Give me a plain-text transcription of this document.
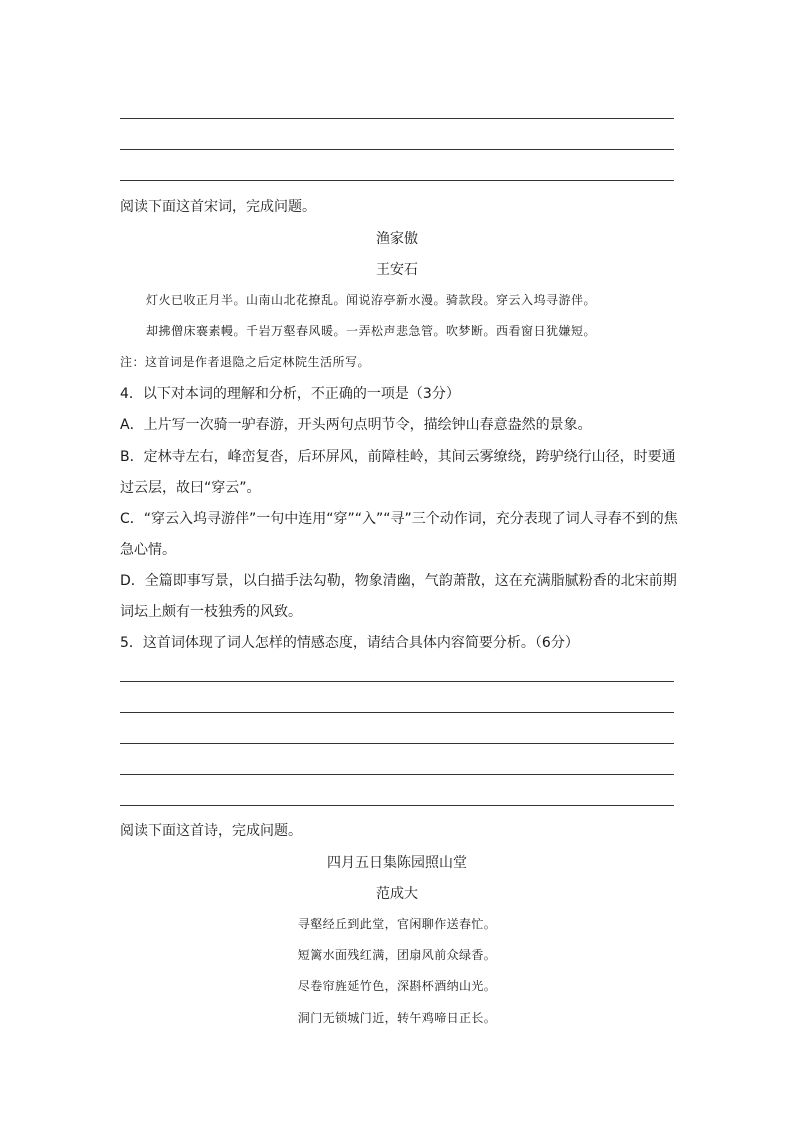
阅读下面这首宋词，完成问题。
渔家傲
王安石
灯火已收正月半。山南山北花撩乱。闻说洊亭新水漫。骑款段。穿云入坞寻游伴。
却拂僧床褰素幔。千岩万壑春风暖。一弄松声悲急管。吹梦断。西看窗日犹嫌短。
注：这首词是作者退隐之后定林院生活所写。
4．以下对本词的理解和分析，不正确的一项是（3分）
A．上片写一次骑一驴春游，开头两句点明节令，描绘钟山春意盎然的景象。
B．定林寺左右，峰峦复沓，后环屏风，前障桂岭，其间云雾缭绕，跨驴绕行山径，时要通
过云层，故曰“穿云”。
C．“穿云入坞寻游伴”一句中连用“穿”“入”“寻”三个动作词，充分表现了词人寻春不到的焦
急心情。
D．全篇即事写景，以白描手法勾勒，物象清幽，气韵萧散，这在充满脂腻粉香的北宋前期
词坛上颇有一枝独秀的风致。
5．这首词体现了词人怎样的情感态度，请结合具体内容简要分析。（6分）
阅读下面这首诗，完成问题。
四月五日集陈园照山堂
范成大
寻壑经丘到此堂，官闲聊作送春忙。
短篱水面残红满，团扇风前众绿香。
尽卷帘旌延竹色，深斟杯酒纳山光。
洞门无锁城门近，转午鸡啼日正长。
